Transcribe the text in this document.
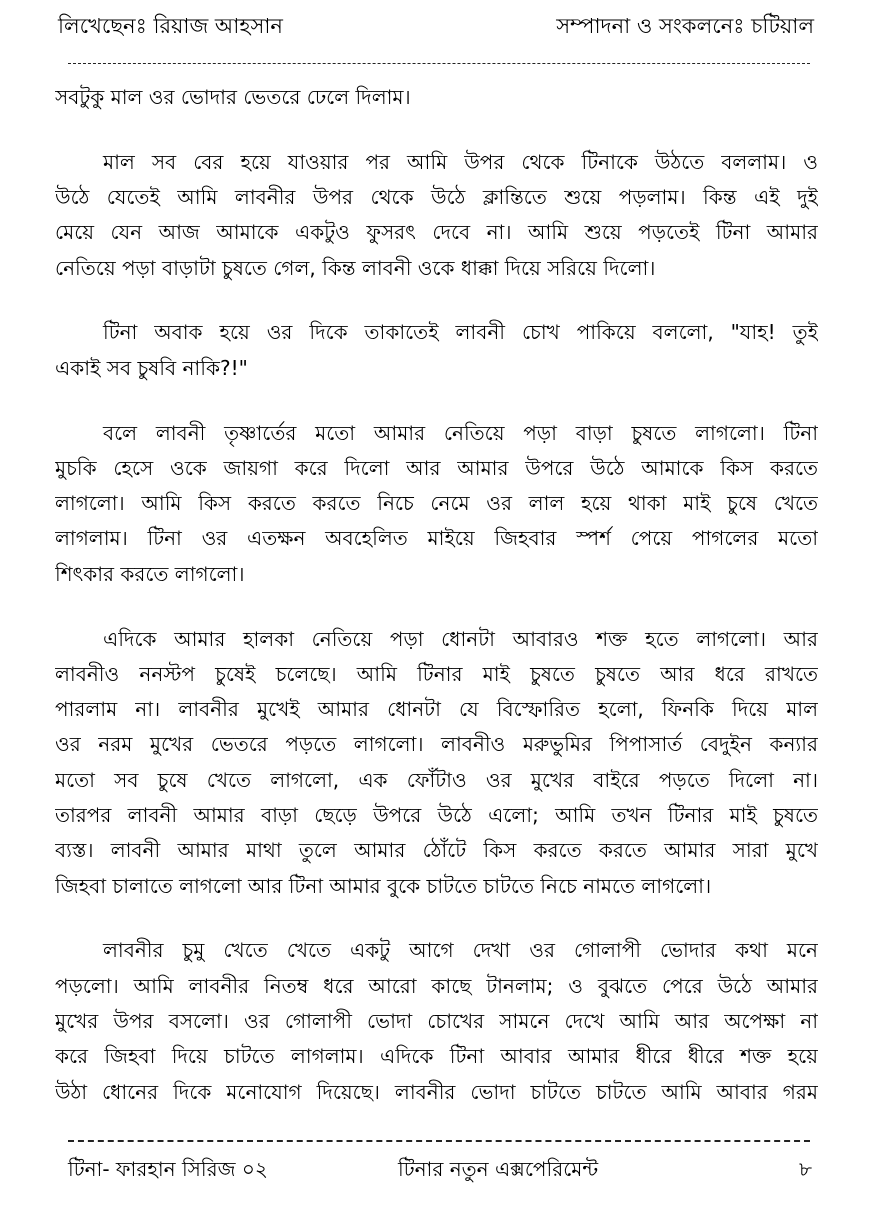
লিখেছেনঃ রিয়াজ আহসান	সম্পাদনা ও সংকলনেঃ চটিয়াল
সবটুকু মাল ওর ভোদার ভেতরে ঢেলে দিলাম।
মাল সব বের হয়ে যাওয়ার পর আমি উপর থেকে টিনাকে উঠতে বললাম। ও
উঠে যেতেই আমি লাবনীর উপর থেকে উঠে ক্লান্তিতে শুয়ে পড়লাম। কিন্ত এই দুই
মেয়ে যেন আজ আমাকে একটুও ফুসরৎ দেবে না। আমি শুয়ে পড়তেই টিনা আমার
নেতিয়ে পড়া বাড়াটা চুষতে গেল, কিন্ত লাবনী ওকে ধাক্কা দিয়ে সরিয়ে দিলো।
টিনা অবাক হয়ে ওর দিকে তাকাতেই লাবনী চোখ পাকিয়ে বললো, "যাহ! তুই
একাই সব চুষবি নাকি?!"
বলে লাবনী তৃষ্ণার্তের মতো আমার নেতিয়ে পড়া বাড়া চুষতে লাগলো। টিনা
মুচকি হেসে ওকে জায়গা করে দিলো আর আমার উপরে উঠে আমাকে কিস করতে
লাগলো। আমি কিস করতে করতে নিচে নেমে ওর লাল হয়ে থাকা মাই চুষে খেতে
লাগলাম। টিনা ওর এতক্ষন অবহেলিত মাইয়ে জিহবার স্পর্শ পেয়ে পাগলের মতো
শিৎকার করতে লাগলো।
এদিকে আমার হালকা নেতিয়ে পড়া ধোনটা আবারও শক্ত হতে লাগলো। আর
লাবনীও ননস্টপ চুষেই চলেছে। আমি টিনার মাই চুষতে চুষতে আর ধরে রাখতে
পারলাম না। লাবনীর মুখেই আমার ধোনটা যে বিস্ফোরিত হলো, ফিনকি দিয়ে মাল
ওর নরম মুখের ভেতরে পড়তে লাগলো। লাবনীও মরুভুমির পিপাসার্ত বেদুইন কন্যার
মতো সব চুষে খেতে লাগলো, এক ফোঁটাও ওর মুখের বাইরে পড়তে দিলো না।
তারপর লাবনী আমার বাড়া ছেড়ে উপরে উঠে এলো; আমি তখন টিনার মাই চুষতে
ব্যস্ত। লাবনী আমার মাথা তুলে আমার ঠোঁটে কিস করতে করতে আমার সারা মুখে
জিহবা চালাতে লাগলো আর টিনা আমার বুকে চাটতে চাটতে নিচে নামতে লাগলো।
লাবনীর চুমু খেতে খেতে একটু আগে দেখা ওর গোলাপী ভোদার কথা মনে
পড়লো। আমি লাবনীর নিতম্ব ধরে আরো কাছে টানলাম; ও বুঝতে পেরে উঠে আমার
মুখের উপর বসলো। ওর গোলাপী ভোদা চোখের সামনে দেখে আমি আর অপেক্ষা না
করে জিহবা দিয়ে চাটতে লাগলাম। এদিকে টিনা আবার আমার ধীরে ধীরে শক্ত হয়ে
উঠা ধোনের দিকে মনোযোগ দিয়েছে। লাবনীর ভোদা চাটতে চাটতে আমি আবার গরম
টিনা- ফারহান সিরিজ ০২	টিনার নতুন এক্সপেরিমেন্ট	৮
